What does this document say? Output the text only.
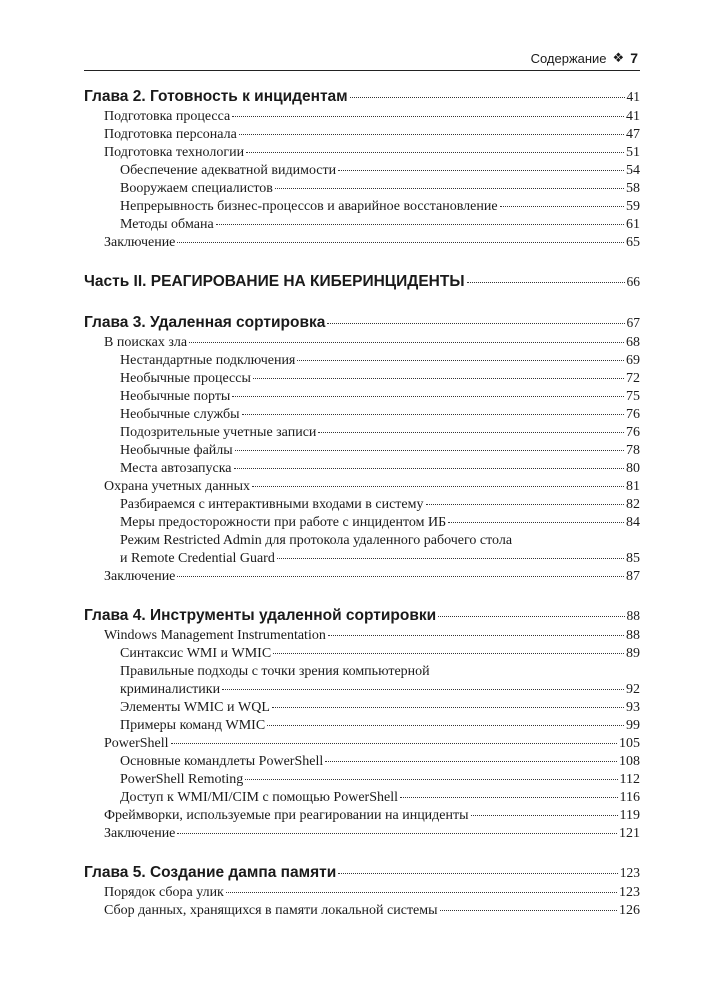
Содержание ❖ 7
Глава 2. Готовность к инцидентам	41
Подготовка процесса	41
Подготовка персонала	47
Подготовка технологии	51
Обеспечение адекватной видимости	54
Вооружаем специалистов	58
Непрерывность бизнес-процессов и аварийное восстановление	59
Методы обмана	61
Заключение	65
Часть II. РЕАГИРОВАНИЕ НА КИБЕРИНЦИДЕНТЫ	66
Глава 3. Удаленная сортировка	67
В поисках зла	68
Нестандартные подключения	69
Необычные процессы	72
Необычные порты	75
Необычные службы	76
Подозрительные учетные записи	76
Необычные файлы	78
Места автозапуска	80
Охрана учетных данных	81
Разбираемся с интерактивными входами в систему	82
Меры предосторожности при работе с инцидентом ИБ	84
Режим Restricted Admin для протокола удаленного рабочего стола
и Remote Credential Guard	85
Заключение	87
Глава 4. Инструменты удаленной сортировки	88
Windows Management Instrumentation	88
Синтаксис WMI и WMIC	89
Правильные подходы с точки зрения компьютерной
криминалистики	92
Элементы WMIC и WQL	93
Примеры команд WMIC	99
PowerShell	105
Основные командлеты PowerShell	108
PowerShell Remoting	112
Доступ к WMI/MI/CIM с помощью PowerShell	116
Фреймворки, используемые при реагировании на инциденты	119
Заключение	121
Глава 5. Создание дампа памяти	123
Порядок сбора улик	123
Сбор данных, хранящихся в памяти локальной системы	126
